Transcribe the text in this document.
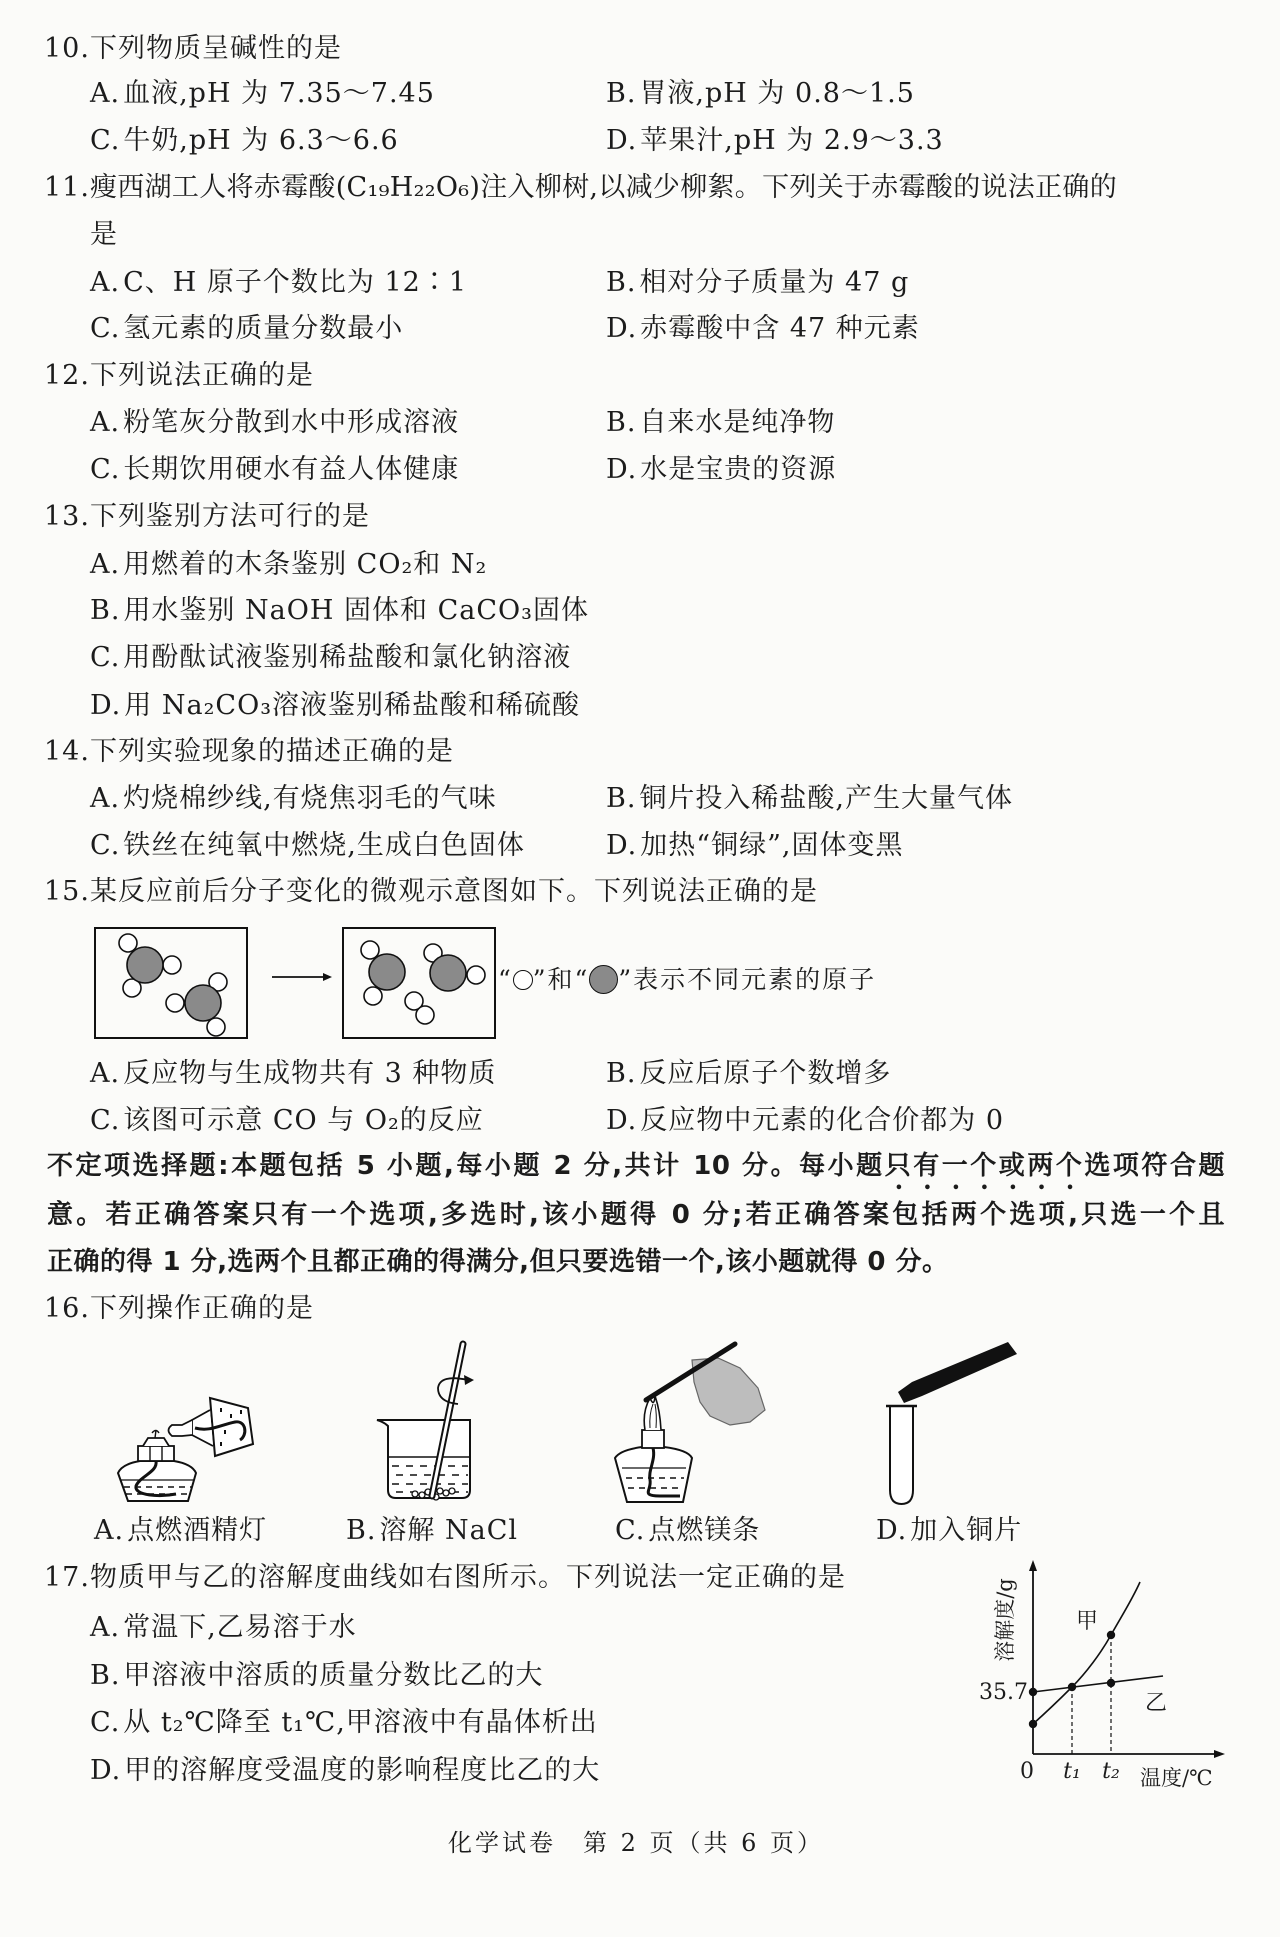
10. 下列物质呈碱性的是
A. 血液,pH 为 7.35～7.45	B. 胃液,pH 为 0.8～1.5
C. 牛奶,pH 为 6.3～6.6	D. 苹果汁,pH 为 2.9～3.3
11. 瘦西湖工人将赤霉酸(C₁₉H₂₂O₆)注入柳树,以减少柳絮。下列关于赤霉酸的说法正确的
是
A. C、H 原子个数比为 12∶1	B. 相对分子质量为 47 g
C. 氢元素的质量分数最小	D. 赤霉酸中含 47 种元素
12. 下列说法正确的是
A. 粉笔灰分散到水中形成溶液	B. 自来水是纯净物
C. 长期饮用硬水有益人体健康	D. 水是宝贵的资源
13. 下列鉴别方法可行的是
A. 用燃着的木条鉴别 CO₂和 N₂
B. 用水鉴别 NaOH 固体和 CaCO₃固体
C. 用酚酞试液鉴别稀盐酸和氯化钠溶液
D. 用 Na₂CO₃溶液鉴别稀盐酸和稀硫酸
14. 下列实验现象的描述正确的是
A. 灼烧棉纱线,有烧焦羽毛的气味	B. 铜片投入稀盐酸,产生大量气体
C. 铁丝在纯氧中燃烧,生成白色固体	D. 加热“铜绿”,固体变黑
15. 某反应前后分子变化的微观示意图如下。下列说法正确的是
“ ”和“ ”表示不同元素的原子
A. 反应物与生成物共有 3 种物质	B. 反应后原子个数增多
C. 该图可示意 CO 与 O₂的反应	D. 反应物中元素的化合价都为 0
不定项选择题:本题包括 5 小题,每小题 2 分,共计 10 分。每小题只有一个或两个选项符合题
意。若正确答案只有一个选项,多选时,该小题得 0 分;若正确答案包括两个选项,只选一个且
正确的得 1 分,选两个且都正确的得满分,但只要选错一个,该小题就得 0 分。
16. 下列操作正确的是
A. 点燃酒精灯	B. 溶解 NaCl	C. 点燃镁条	D. 加入铜片
17. 物质甲与乙的溶解度曲线如右图所示。下列说法一定正确的是
A. 常温下,乙易溶于水
B. 甲溶液中溶质的质量分数比乙的大
C. 从 t₂℃降至 t₁℃,甲溶液中有晶体析出
D. 甲的溶解度受温度的影响程度比乙的大
35.7
0 t₁ t₂ 温度/℃
溶解度/g	甲
乙
化学试卷　第 2 页（共 6 页）
